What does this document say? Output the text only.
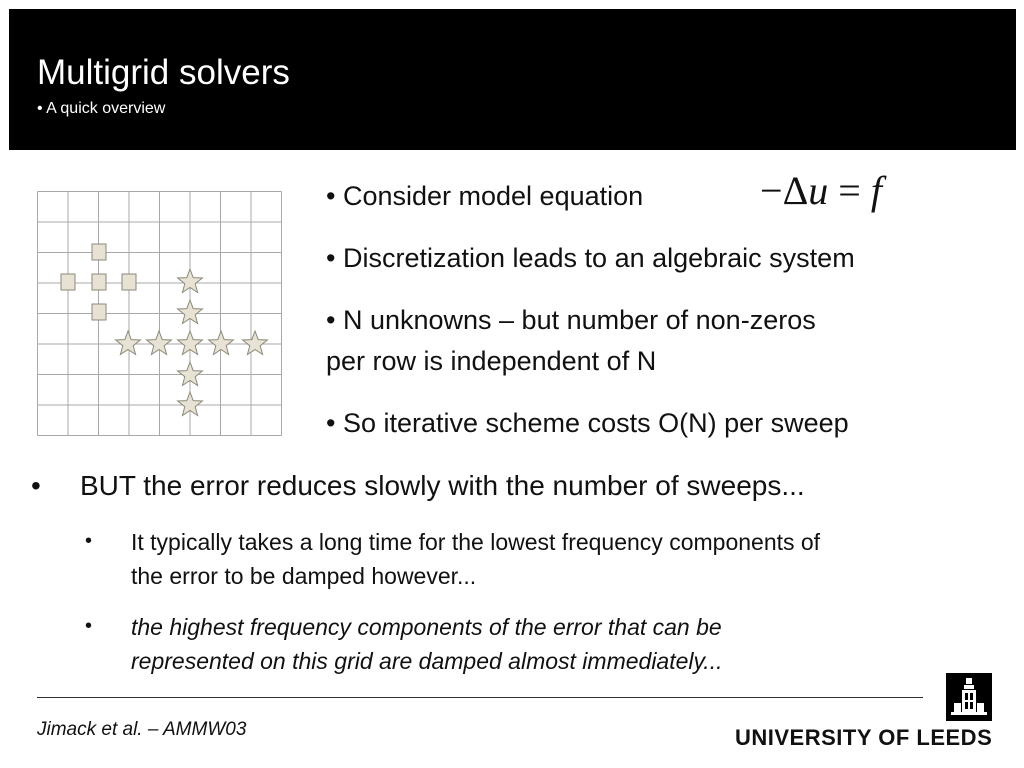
Multigrid solvers
• A quick overview
• Consider model equation	−Δu = f
• Discretization leads to an algebraic system
• N unknowns – but number of non-zeros
per row is independent of N
• So iterative scheme costs O(N) per sweep
• BUT the error reduces slowly with the number of sweeps...
• It typically takes a long time for the lowest frequency components of
the error to be damped however...
• the highest frequency components of the error that can be
represented on this grid are damped almost immediately...
Jimack et al. – AMMW03	UNIVERSITY OF LEEDS
